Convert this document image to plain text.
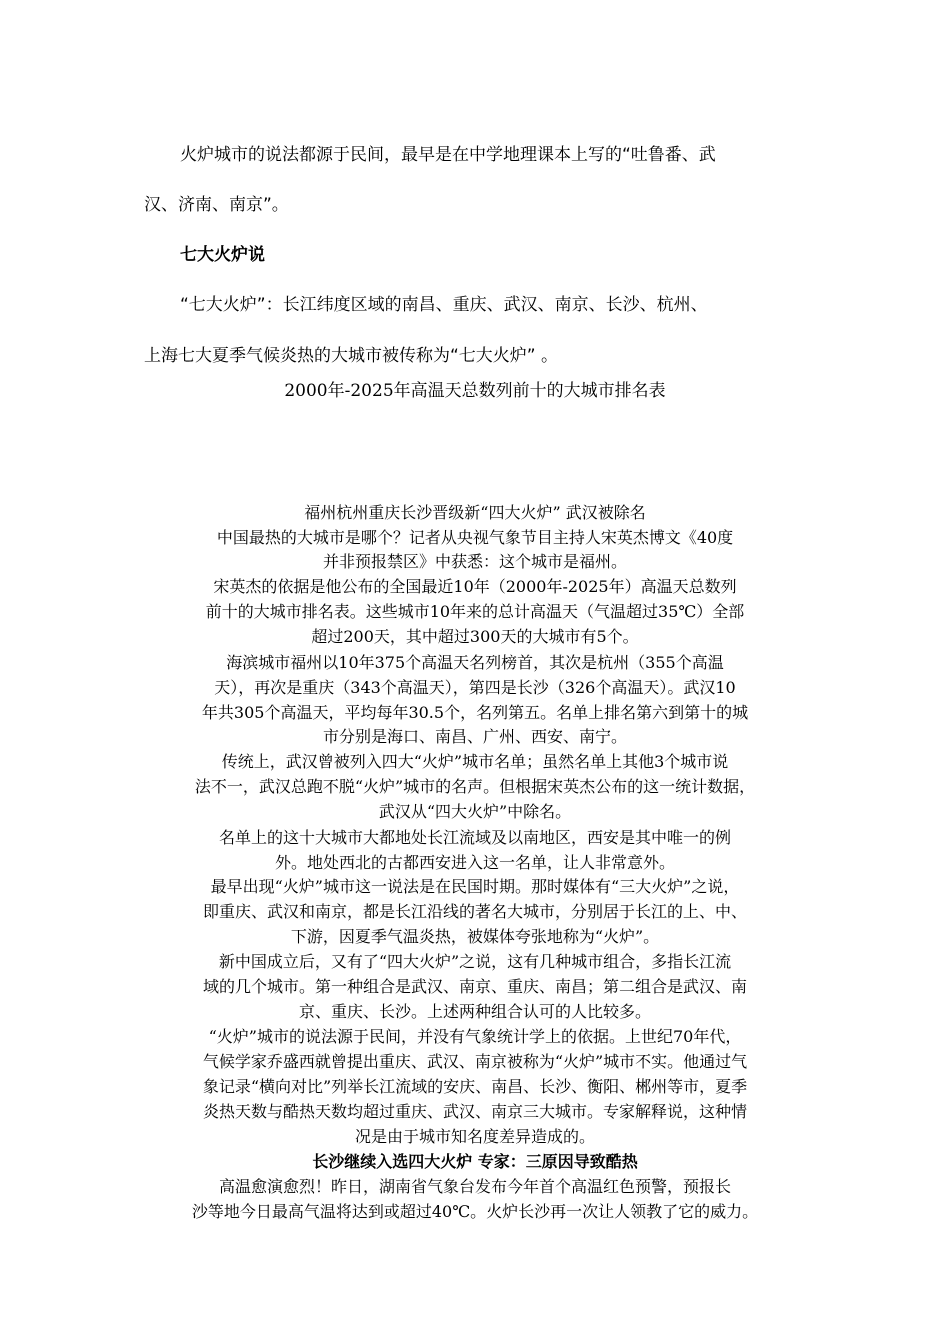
火炉城市的说法都源于民间，最早是在中学地理课本上写的“吐鲁番、武
汉、济南、南京”。
七大火炉说
“七大火炉”：长江纬度区域的南昌、重庆、武汉、南京、长沙、杭州、
上海七大夏季气候炎热的大城市被传称为“七大火炉” 。
2000年-2025年高温天总数列前十的大城市排名表
福州杭州重庆长沙晋级新“四大火炉” 武汉被除名
中国最热的大城市是哪个？记者从央视气象节目主持人宋英杰博文《40度
并非预报禁区》中获悉：这个城市是福州。
宋英杰的依据是他公布的全国最近10年（2000年-2025年）高温天总数列
前十的大城市排名表。这些城市10年来的总计高温天（气温超过35℃）全部
超过200天，其中超过300天的大城市有5个。
海滨城市福州以10年375个高温天名列榜首，其次是杭州（355个高温
天），再次是重庆（343个高温天），第四是长沙（326个高温天）。武汉10
年共305个高温天，平均每年30.5个，名列第五。名单上排名第六到第十的城
市分别是海口、南昌、广州、西安、南宁。
传统上，武汉曾被列入四大“火炉”城市名单；虽然名单上其他3个城市说
法不一，武汉总跑不脱“火炉”城市的名声。但根据宋英杰公布的这一统计数据，
武汉从“四大火炉”中除名。
名单上的这十大城市大都地处长江流域及以南地区，西安是其中唯一的例
外。地处西北的古都西安进入这一名单，让人非常意外。
最早出现“火炉”城市这一说法是在民国时期。那时媒体有“三大火炉”之说，
即重庆、武汉和南京，都是长江沿线的著名大城市，分别居于长江的上、中、
下游，因夏季气温炎热，被媒体夸张地称为“火炉”。
新中国成立后，又有了“四大火炉”之说，这有几种城市组合，多指长江流
域的几个城市。第一种组合是武汉、南京、重庆、南昌；第二组合是武汉、南
京、重庆、长沙。上述两种组合认可的人比较多。
“火炉”城市的说法源于民间，并没有气象统计学上的依据。上世纪70年代，
气候学家乔盛西就曾提出重庆、武汉、南京被称为“火炉”城市不实。他通过气
象记录“横向对比”列举长江流域的安庆、南昌、长沙、衡阳、郴州等市，夏季
炎热天数与酷热天数均超过重庆、武汉、南京三大城市。专家解释说，这种情
况是由于城市知名度差异造成的。
长沙继续入选四大火炉 专家：三原因导致酷热
高温愈演愈烈！昨日，湖南省气象台发布今年首个高温红色预警，预报长
沙等地今日最高气温将达到或超过40℃。火炉长沙再一次让人领教了它的威力。
